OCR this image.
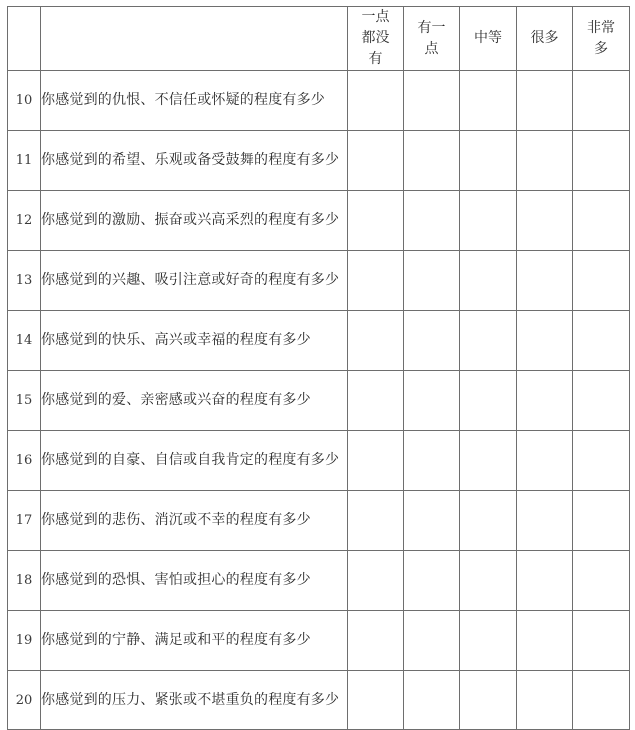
		一点都没有	有一点	中等	很多	非常多
10	你感觉到的仇恨、不信任或怀疑的程度有多少					
11	你感觉到的希望、乐观或备受鼓舞的程度有多少					
12	你感觉到的激励、振奋或兴高采烈的程度有多少					
13	你感觉到的兴趣、吸引注意或好奇的程度有多少					
14	你感觉到的快乐、高兴或幸福的程度有多少					
15	你感觉到的爱、亲密感或兴奋的程度有多少					
16	你感觉到的自豪、自信或自我肯定的程度有多少					
17	你感觉到的悲伤、消沉或不幸的程度有多少					
18	你感觉到的恐惧、害怕或担心的程度有多少					
19	你感觉到的宁静、满足或和平的程度有多少					
20	你感觉到的压力、紧张或不堪重负的程度有多少					
